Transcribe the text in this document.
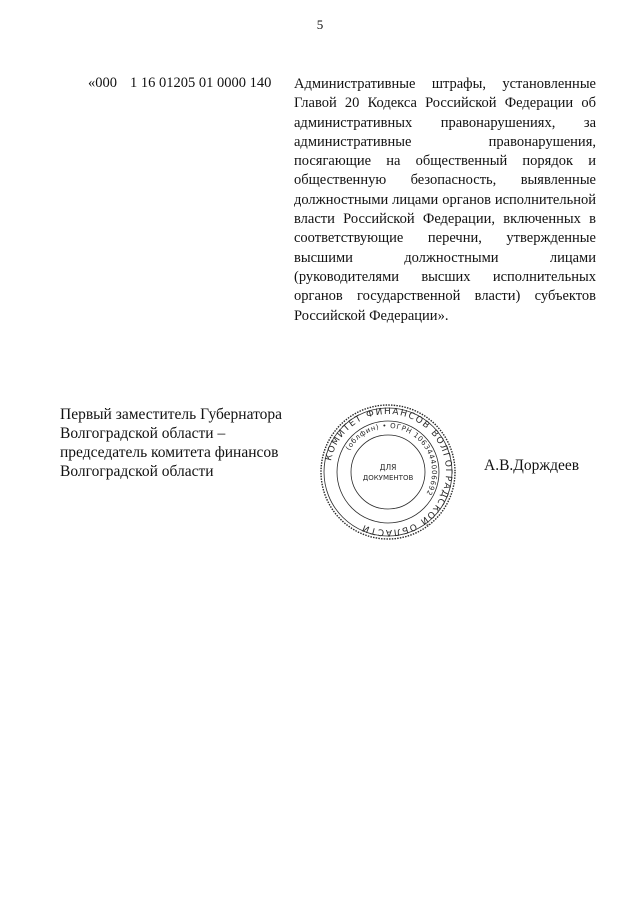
5
«000 1 16 01205 01 0000 140 Административные штрафы, установленные Главой 20 Кодекса Российской Федерации об административных правонарушениях, за административные правонарушения, посягающие на общественный порядок и общественную безопасность, выявленные должностными лицами органов исполнительной власти Российской Федерации, включенных в соответствующие перечни, утвержденные высшими должностными лицами (руководителями высших исполнительных органов государственной власти) субъектов Российской Федерации».
Первый заместитель Губернатора
Волгоградской области –
председатель комитета финансов
Волгоградской области
КОМИТЕТ ФИНАНСОВ ВОЛГОГРАДСКОЙ ОБЛАСТИ
(облфин) • ОГРН 1063444006692
ДЛЯ
ДОКУМЕНТОВ
А.В.Дорждеев
